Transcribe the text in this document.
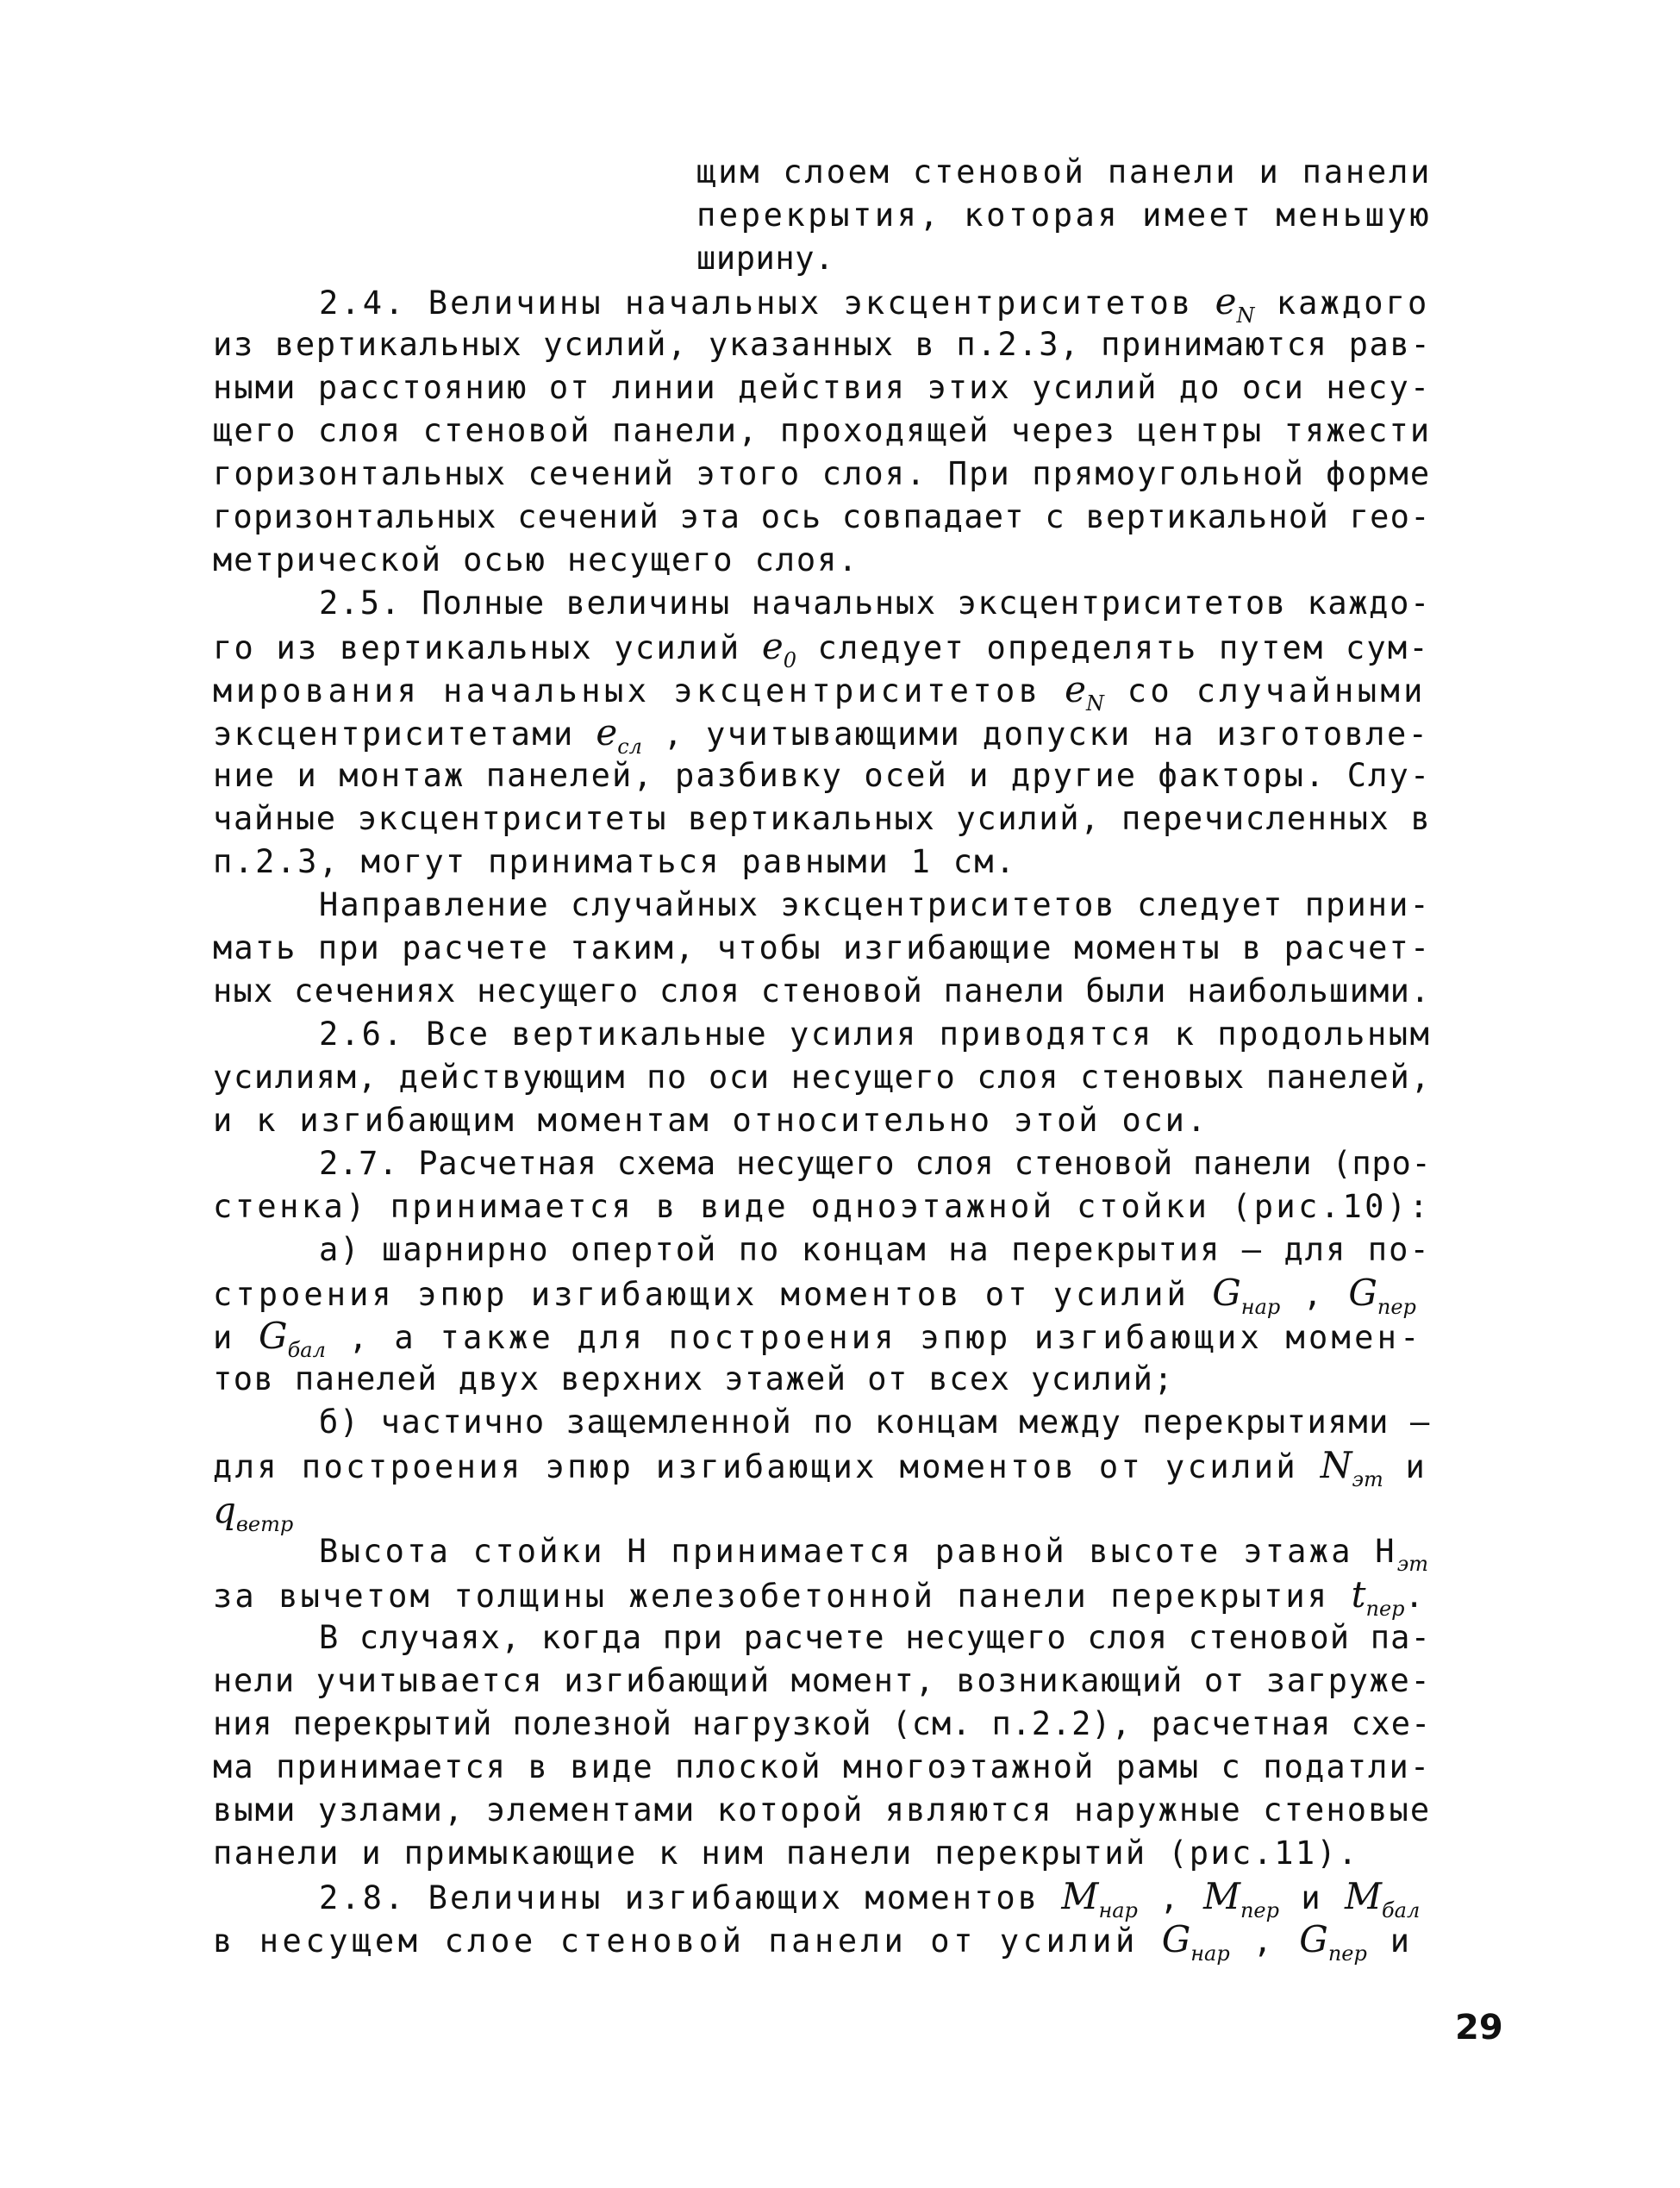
щим слоем стеновой панели и панели
перекрытия, которая имеет меньшую
ширину.
2.4. Величины начальных эксцентриситетов $e_N$ каждого
из вертикальных усилий, указанных в п.2.3, принимаются рав-
ными расстоянию от линии действия этих усилий до оси несу-
щего слоя стеновой панели, проходящей через центры тяжести
горизонтальных сечений этого слоя. При прямоугольной форме
горизонтальных сечений эта ось совпадает с вертикальной гео-
метрической осью несущего слоя.
2.5. Полные величины начальных эксцентриситетов каждо-
го из вертикальных усилий $e_0$ следует определять путем сум-
мирования начальных эксцентриситетов $e_N$ со случайными
эксцентриситетами $e_{сл}$ , учитывающими допуски на изготовле-
ние и монтаж панелей, разбивку осей и другие факторы. Слу-
чайные эксцентриситеты вертикальных усилий, перечисленных в
п.2.3, могут приниматься равными 1 см.
Направление случайных эксцентриситетов следует прини-
мать при расчете таким, чтобы изгибающие моменты в расчет-
ных сечениях несущего слоя стеновой панели были наибольшими.
2.6. Все вертикальные усилия приводятся к продольным
усилиям, действующим по оси несущего слоя стеновых панелей,
и к изгибающим моментам относительно этой оси.
2.7. Расчетная схема несущего слоя стеновой панели (про-
стенка) принимается в виде одноэтажной стойки (рис.10):
а) шарнирно опертой по концам на перекрытия – для по-
строения эпюр изгибающих моментов от усилий $G_{нар}$ , $G_{пер}$
и $G_{бал}$ , а также для построения эпюр изгибающих момен-
тов панелей двух верхних этажей от всех усилий;
б) частично защемленной по концам между перекрытиями –
для построения эпюр изгибающих моментов от усилий $N_{эт}$ и
$q_{ветр}$
Высота стойки H принимается равной высоте этажа $H_{эт}$
за вычетом толщины железобетонной панели перекрытия $t_{пер}$.
В случаях, когда при расчете несущего слоя стеновой па-
нели учитывается изгибающий момент, возникающий от загруже-
ния перекрытий полезной нагрузкой (см. п.2.2), расчетная схе-
ма принимается в виде плоской многоэтажной рамы с податли-
выми узлами, элементами которой являются наружные стеновые
панели и примыкающие к ним панели перекрытий (рис.11).
2.8. Величины изгибающих моментов $M_{нар}$ , $M_{пер}$ и $M_{бал}$
в несущем слое стеновой панели от усилий $G_{нар}$ , $G_{пер}$ и
29
